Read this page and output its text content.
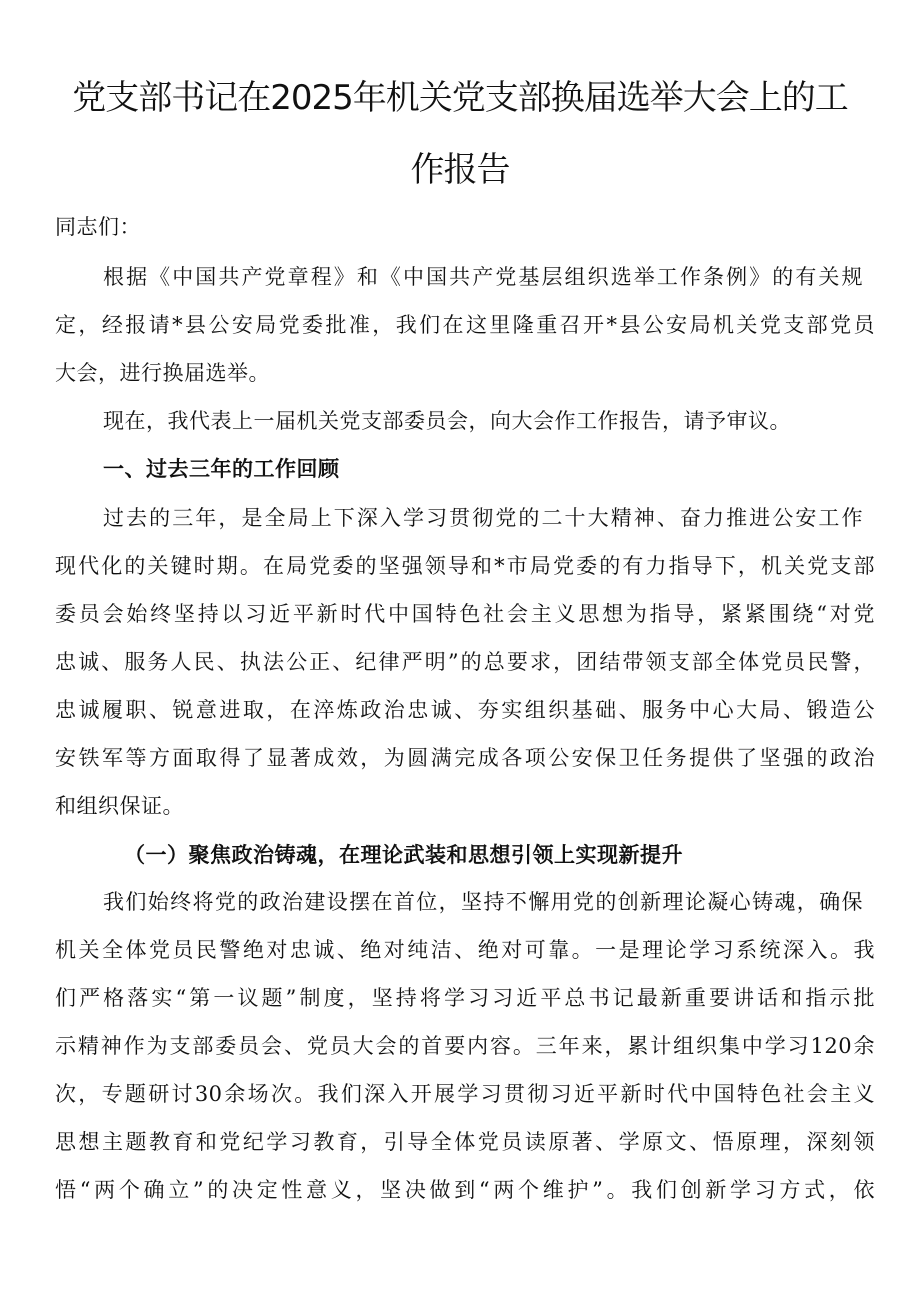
党支部书记在2025年机关党支部换届选举大会上的工
作报告
同志们：
根据《中国共产党章程》和《中国共产党基层组织选举工作条例》的有关规
定，经报请*县公安局党委批准，我们在这里隆重召开*县公安局机关党支部党员
大会，进行换届选举。
现在，我代表上一届机关党支部委员会，向大会作工作报告，请予审议。
一、过去三年的工作回顾
过去的三年，是全局上下深入学习贯彻党的二十大精神、奋力推进公安工作
现代化的关键时期。在局党委的坚强领导和*市局党委的有力指导下，机关党支部
委员会始终坚持以习近平新时代中国特色社会主义思想为指导，紧紧围绕“对党
忠诚、服务人民、执法公正、纪律严明”的总要求，团结带领支部全体党员民警，
忠诚履职、锐意进取，在淬炼政治忠诚、夯实组织基础、服务中心大局、锻造公
安铁军等方面取得了显著成效，为圆满完成各项公安保卫任务提供了坚强的政治
和组织保证。
（一）聚焦政治铸魂，在理论武装和思想引领上实现新提升
我们始终将党的政治建设摆在首位，坚持不懈用党的创新理论凝心铸魂，确保
机关全体党员民警绝对忠诚、绝对纯洁、绝对可靠。一是理论学习系统深入。我
们严格落实“第一议题”制度，坚持将学习习近平总书记最新重要讲话和指示批
示精神作为支部委员会、党员大会的首要内容。三年来，累计组织集中学习120余
次，专题研讨30余场次。我们深入开展学习贯彻习近平新时代中国特色社会主义
思想主题教育和党纪学习教育，引导全体党员读原著、学原文、悟原理，深刻领
悟“两个确立”的决定性意义，坚决做到“两个维护”。我们创新学习方式，依
